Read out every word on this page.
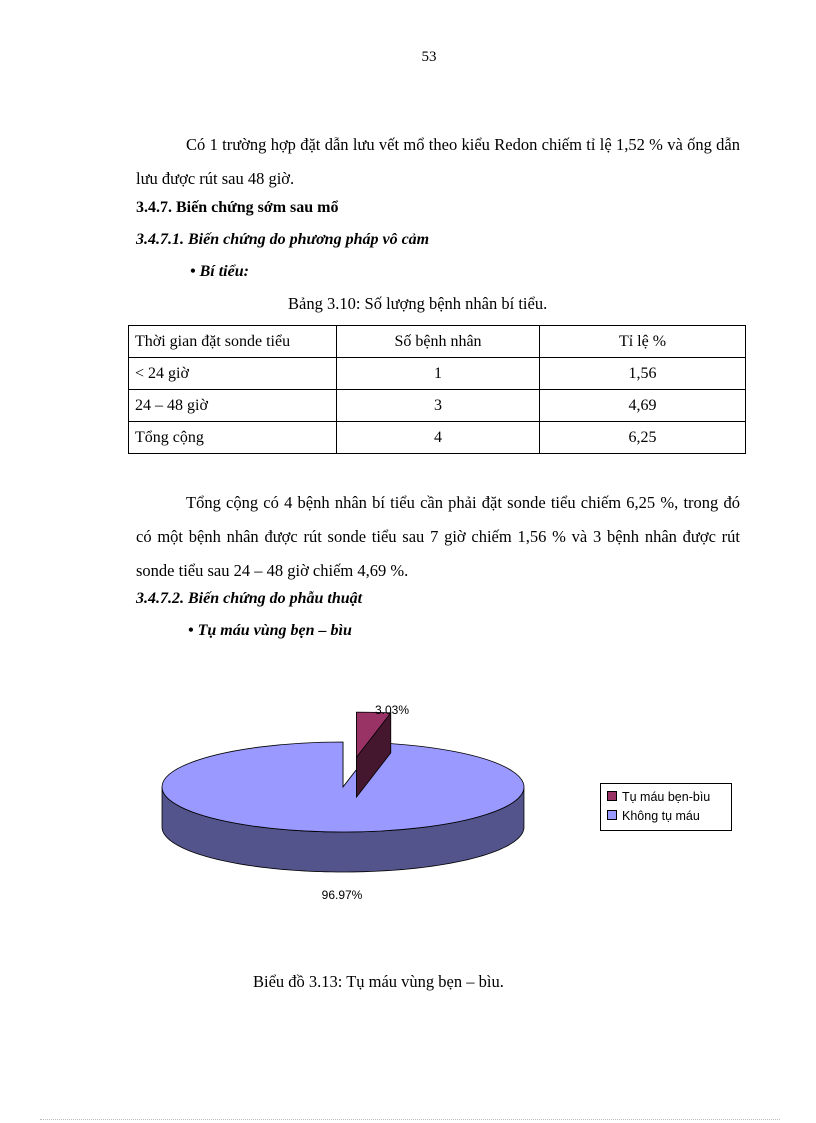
53

Có 1 trường hợp đặt dẫn lưu vết mổ theo kiểu Redon chiếm tỉ lệ 1,52 % và ống dẫn lưu được rút sau 48 giờ.

3.4.7. Biến chứng sớm sau mổ

3.4.7.1. Biến chứng do phương pháp vô cảm

• Bí tiểu:

Bảng 3.10: Số lượng bệnh nhân bí tiểu.

Thời gian đặt sonde tiểu	Số bệnh nhân	Tỉ lệ %
< 24 giờ	1	1,56
24 – 48 giờ	3	4,69
Tổng cộng	4	6,25

Tổng cộng có 4 bệnh nhân bí tiểu cần phải đặt sonde tiểu chiếm 6,25 %, trong đó có một bệnh nhân được rút sonde tiểu sau 7 giờ chiếm 1,56 % và 3 bệnh nhân được rút sonde tiểu sau 24 – 48 giờ chiếm 4,69 %.

3.4.7.2. Biến chứng do phẫu thuật

• Tụ máu vùng bẹn – bìu

3.03%
96.97%
Tụ máu bẹn-bìu
Không tụ máu

Biểu đồ 3.13: Tụ máu vùng bẹn – bìu.
